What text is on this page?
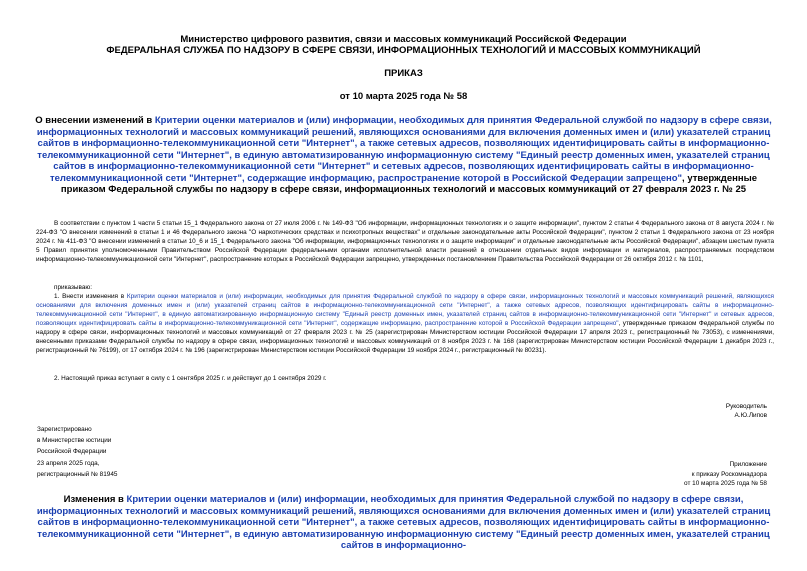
Министерство цифрового развития, связи и массовых коммуникаций Российской Федерации
ФЕДЕРАЛЬНАЯ СЛУЖБА ПО НАДЗОРУ В СФЕРЕ СВЯЗИ, ИНФОРМАЦИОННЫХ ТЕХНОЛОГИЙ И МАССОВЫХ КОММУНИКАЦИЙ
ПРИКАЗ
от 10 марта 2025 года № 58
О внесении изменений в Критерии оценки материалов и (или) информации, необходимых для принятия Федеральной службой по надзору в сфере связи, информационных технологий и массовых коммуникаций решений, являющихся основаниями для включения доменных имен и (или) указателей страниц сайтов в информационно-телекоммуникационной сети "Интернет", а также сетевых адресов, позволяющих идентифицировать сайты в информационно-телекоммуникационной сети "Интернет", в единую автоматизированную информационную систему "Единый реестр доменных имен, указателей страниц сайтов в информационно-телекоммуникационной сети "Интернет" и сетевых адресов, позволяющих идентифицировать сайты в информационно-телекоммуникационной сети "Интернет", содержащие информацию, распространение которой в Российской Федерации запрещено", утвержденные приказом Федеральной службы по надзору в сфере связи, информационных технологий и массовых коммуникаций от 27 февраля 2023 г. № 25
В соответствии с пунктом 1 части 5 статьи 15_1 Федерального закона от 27 июля 2006 г. № 149-ФЗ "Об информации, информационных технологиях и о защите информации", пунктом 2 статьи 4 Федерального закона от 8 августа 2024 г. № 224-ФЗ "О внесении изменений в статьи 1 и 46 Федерального закона "О наркотических средствах и психотропных веществах" и отдельные законодательные акты Российской Федерации", пунктом 2 статьи 1 Федерального закона от 23 ноября 2024 г. № 411-ФЗ "О внесении изменений в статьи 10_6 и 15_1 Федерального закона "Об информации, информационных технологиях и о защите информации" и отдельные законодательные акты Российской Федерации", абзацем шестым пункта 5 Правил принятия уполномоченными Правительством Российской Федерации федеральными органами исполнительной власти решений в отношении отдельных видов информации и материалов, распространяемых посредством информационно-телекоммуникационной сети "Интернет", распространение которых в Российской Федерации запрещено, утвержденных постановлением Правительства Российской Федерации от 26 октября 2012 г. № 1101,
приказываю:
1. Внести изменения в Критерии оценки материалов и (или) информации, необходимых для принятия Федеральной службой по надзору в сфере связи, информационных технологий и массовых коммуникаций решений, являющихся основаниями для включения доменных имен и (или) указателей страниц сайтов в информационно-телекоммуникационной сети "Интернет", а также сетевых адресов, позволяющих идентифицировать сайты в информационно-телекоммуникационной сети "Интернет", в единую автоматизированную информационную систему "Единый реестр доменных имен, указателей страниц сайтов в информационно-телекоммуникационной сети "Интернет" и сетевых адресов, позволяющих идентифицировать сайты в информационно-телекоммуникационной сети "Интернет", содержащие информацию, распространение которой в Российской Федерации запрещено", утвержденные приказом Федеральной службы по надзору в сфере связи, информационных технологий и массовых коммуникаций от 27 февраля 2023 г. № 25 (зарегистрирован Министерством юстиции Российской Федерации 17 апреля 2023 г., регистрационный № 73053), с изменениями, внесенными приказами Федеральной службы по надзору в сфере связи, информационных технологий и массовых коммуникаций от 8 ноября 2023 г. № 168 (зарегистрирован Министерством юстиции Российской Федерации 1 декабря 2023 г., регистрационный № 76199), от 17 октября 2024 г. № 196 (зарегистрирован Министерством юстиции Российской Федерации 19 ноября 2024 г., регистрационный № 80231).
2. Настоящий приказ вступает в силу с 1 сентября 2025 г. и действует до 1 сентября 2029 г.
Руководитель
А.Ю.Липов
Зарегистрировано
в Министерстве юстиции
Российской Федерации
23 апреля 2025 года,
регистрационный № 81945
Приложение
к приказу Роскомнадзора
от 10 марта 2025 года № 58
Изменения в Критерии оценки материалов и (или) информации, необходимых для принятия Федеральной службой по надзору в сфере связи, информационных технологий и массовых коммуникаций решений, являющихся основаниями для включения доменных имен и (или) указателей страниц сайтов в информационно-телекоммуникационной сети "Интернет", а также сетевых адресов, позволяющих идентифицировать сайты в информационно-телекоммуникационной сети "Интернет", в единую автоматизированную информационную систему "Единый реестр доменных имен, указателей страниц сайтов в информационно-
